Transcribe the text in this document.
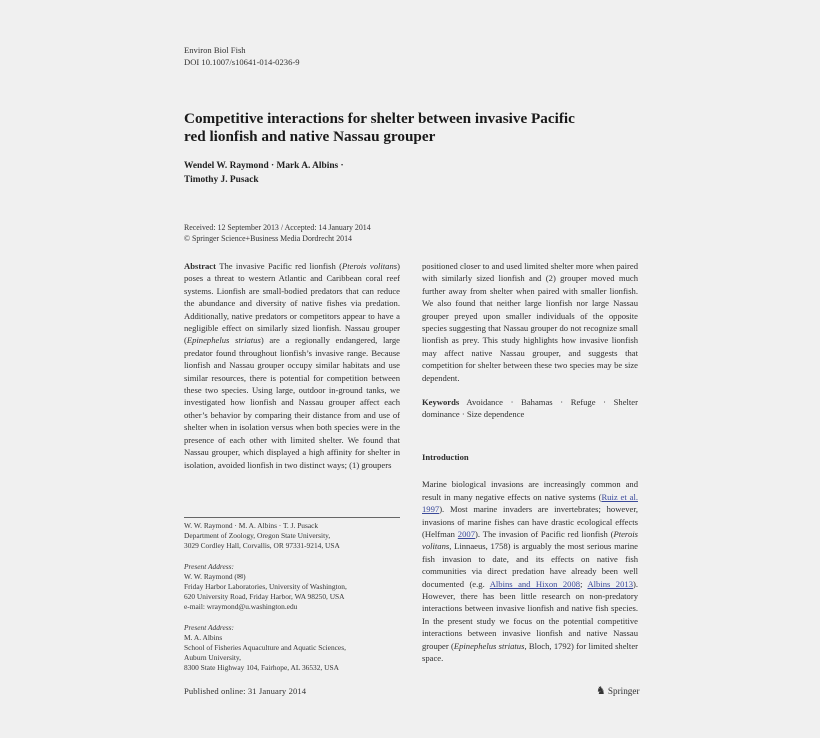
Environ Biol Fish
DOI 10.1007/s10641-014-0236-9
Competitive interactions for shelter between invasive Pacific
red lionfish and native Nassau grouper
Wendel W. Raymond · Mark A. Albins ·
Timothy J. Pusack
Received: 12 September 2013 / Accepted: 14 January 2014
© Springer Science+Business Media Dordrecht 2014

Abstract The invasive Pacific red lionfish (Pterois volitans) poses a threat to western Atlantic and Caribbean coral reef systems. Lionfish are small-bodied predators that can reduce the abundance and diversity of native fishes via predation. Additionally, native predators or competitors appear to have a negligible effect on similarly sized lionfish. Nassau grouper (Epinephelus striatus) are a regionally endangered, large predator found throughout lionfish’s invasive range. Because lionfish and Nassau grouper occupy similar habitats and use similar resources, there is potential for competition between these two species. Using large, outdoor in-ground tanks, we investigated how lionfish and Nassau grouper affect each other’s behavior by comparing their distance from and use of shelter when in isolation versus when both species were in the presence of each other with limited shelter. We found that Nassau grouper, which displayed a high affinity for shelter in isolation, avoided lionfish in two distinct ways; (1) groupers

positioned closer to and used limited shelter more when paired with similarly sized lionfish and (2) grouper moved much further away from shelter when paired with smaller lionfish. We also found that neither large lionfish nor large Nassau grouper preyed upon smaller individuals of the opposite species suggesting that Nassau grouper do not recognize small lionfish as prey. This study highlights how invasive lionfish may affect native Nassau grouper, and suggests that competition for shelter between these two species may be size dependent.

Keywords Avoidance · Bahamas · Refuge · Shelter dominance · Size dependence

Introduction

Marine biological invasions are increasingly common and result in many negative effects on native systems (Ruiz et al. 1997). Most marine invaders are invertebrates; however, invasions of marine fishes can have drastic ecological effects (Helfman 2007). The invasion of Pacific red lionfish (Pterois volitans, Linnaeus, 1758) is arguably the most serious marine fish invasion to date, and its effects on native fish communities via direct predation have already been well documented (e.g. Albins and Hixon 2008; Albins 2013). However, there has been little research on non-predatory interactions between invasive lionfish and native fish species. In the present study we focus on the potential competitive interactions between invasive lionfish and native Nassau grouper (Epinephelus striatus, Bloch, 1792) for limited shelter space.

W. W. Raymond · M. A. Albins · T. J. Pusack

Department of Zoology, Oregon State University,

3029 Cordley Hall, Corvallis, OR 97331-9214, USA

Present Address:

W. W. Raymond (✉)

Friday Harbor Laboratories, University of Washington,

620 University Road, Friday Harbor, WA 98250, USA

e-mail: wraymond@u.washington.edu

Present Address:

M. A. Albins

School of Fisheries Aquaculture and Aquatic Sciences,

Auburn University,

8300 State Highway 104, Fairhope, AL 36532, USA

Published online: 31 January 2014	♞ Springer
